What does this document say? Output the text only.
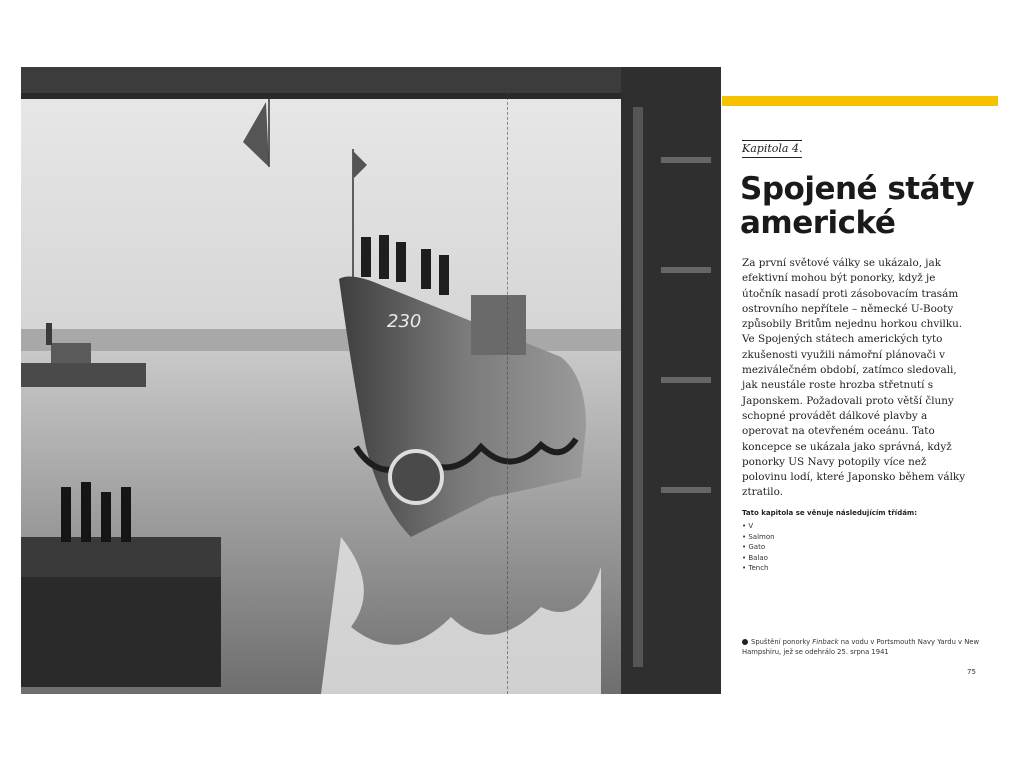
230
Kapitola 4.
Spojené státy
americké

Za první světové války se ukázalo, jak efektivní mohou být ponorky, když je útočník nasadí proti zásobovacím trasám ostrovního nepřítele – německé U-Booty způsobily Britům nejednu horkou chvilku. Ve Spojených státech amerických tyto zkušenosti využili námořní plánovači v meziválečném období, zatímco sledovali, jak neustále roste hrozba střetnutí s Japonskem. Požadovali proto větší čluny schopné provádět dálkové plavby a operovat na otevřeném oceánu. Tato koncepce se ukázala jako správná, když ponorky US Navy potopily více než polovinu lodí, které Japonsko během války ztratilo.

Tato kapitola se věnuje následujícím třídám:

• V
• Salmon
• Gato
• Balao
• Tench

Spuštění ponorky Finback na vodu v Portsmouth Navy Yardu v New Hampshiru, jež se odehrálo 25. srpna 1941

75
